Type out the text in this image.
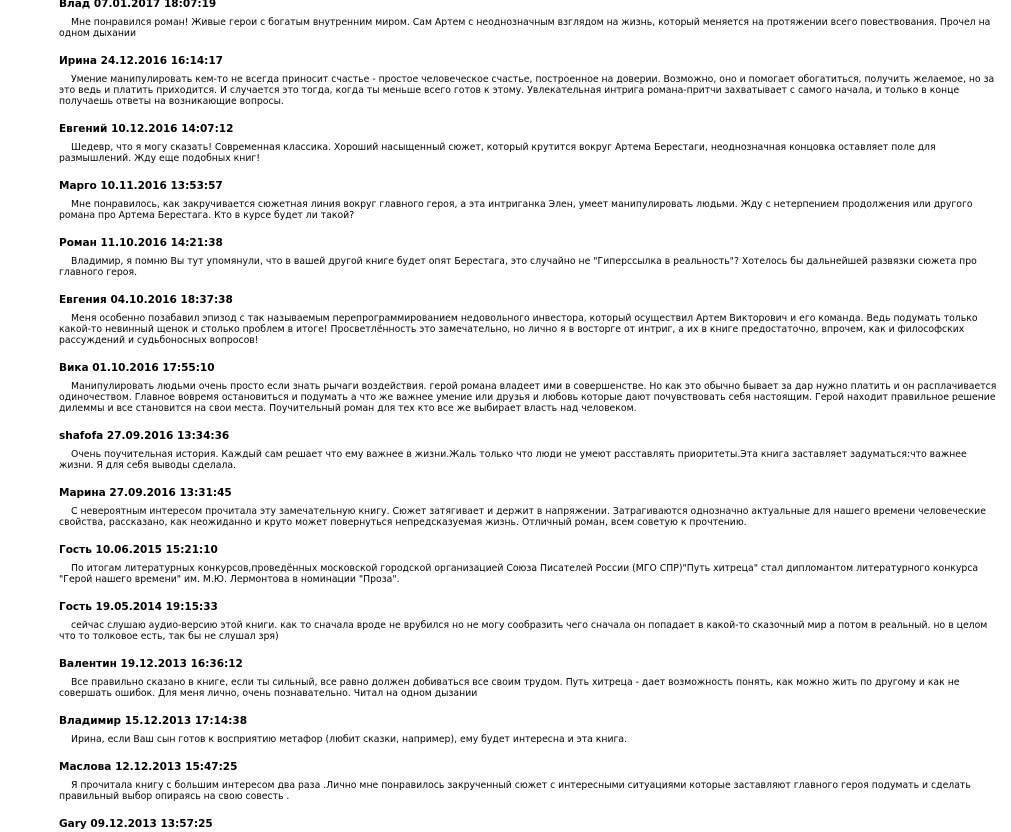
Влад 07.01.2017 18:07:19
Мне понравился роман! Живые герои с богатым внутренним миром. Сам Артем с неоднозначным взглядом на жизнь, который меняется на протяжении всего повествования. Прочел на одном дыхании
Ирина 24.12.2016 16:14:17
Умение манипулировать кем-то не всегда приносит счастье - простое человеческое счастье, построенное на доверии. Возможно, оно и помогает обогатиться, получить желаемое, но за это ведь и платить приходится. И случается это тогда, когда ты меньше всего готов к этому. Увлекательная интрига романа-притчи захватывает с самого начала, и только в конце получаешь ответы на возникающие вопросы.
Евгений 10.12.2016 14:07:12
Шедевр, что я могу сказать! Современная классика. Хороший насыщенный сюжет, который крутится вокруг Артема Берестаги, неоднозначная концовка оставляет поле для размышлений. Жду еще подобных книг!
Марго 10.11.2016 13:53:57
Мне понравилось, как закручивается сюжетная линия вокруг главного героя, а эта интриганка Элен, умеет манипулировать людьми. Жду с нетерпением продолжения или другого романа про Артема Берестага. Кто в курсе будет ли такой?
Роман 11.10.2016 14:21:38
Владимир, я помню Вы тут упомянули, что в вашей другой книге будет опят Берестага, это случайно не "Гиперссылка в реальность"? Хотелось бы дальнейшей развязки сюжета про главного героя.
Евгения 04.10.2016 18:37:38
Меня особенно позабавил эпизод с так называемым перепрограммированием недовольного инвестора, который осуществил Артем Викторович и его команда. Ведь подумать только какой-то невинный щенок и столько проблем в итоге! Просветлённость это замечательно, но лично я в восторге от интриг, а их в книге предостаточно, впрочем, как и философских рассуждений и судьбоносных вопросов!
Вика 01.10.2016 17:55:10
Манипулировать людьми очень просто если знать рычаги воздействия. герой романа владеет ими в совершенстве. Но как это обычно бывает за дар нужно платить и он расплачивается одиночеством. Главное вовремя остановиться и подумать а что же важнее умение или друзья и любовь которые дают почувствовать себя настоящим. Герой находит правильное решение дилеммы и все становится на свои места. Поучительный роман для тех кто все же выбирает власть над человеком.
shafofa 27.09.2016 13:34:36
Очень поучительная история. Каждый сам решает что ему важнее в жизни.Жаль только что люди не умеют расставлять приоритеты.Эта книга заставляет задуматься:что важнее жизни. Я для себя выводы сделала.
Марина 27.09.2016 13:31:45
С невероятным интересом прочитала эту замечательную книгу. Сюжет затягивает и держит в напряжении. Затрагиваются однозначно актуальные для нашего времени человеческие свойства, рассказано, как неожиданно и круто может повернуться непредсказуемая жизнь. Отличный роман, всем советую к прочтению.
Гость 10.06.2015 15:21:10
По итогам литературных конкурсов,проведённых московской городской организацией Союза Писателей России (МГО СПР)"Путь хитреца" стал дипломантом литературного конкурса "Герой нашего времени" им. М.Ю. Лермонтова в номинации "Проза".
Гость 19.05.2014 19:15:33
сейчас слушаю аудио-версию этой книги. как то сначала вроде не врубился но не могу сообразить чего сначала он попадает в какой-то сказочный мир а потом в реальный. но в целом что то толковое есть, так бы не слушал зря)
Валентин 19.12.2013 16:36:12
Все правильно сказано в книге, если ты сильный, все равно должен добиваться все своим трудом. Путь хитреца - дает возможность понять, как можно жить по другому и как не совершать ошибок. Для меня лично, очень познавательно. Читал на одном дызании
Владимир 15.12.2013 17:14:38
Ирина, если Ваш сын готов к восприятию метафор (любит сказки, например), ему будет интересна и эта книга.
Маслова 12.12.2013 15:47:25
Я прочитала книгу с большим интересом два раза .Лично мне понравилось закрученный сюжет с интересными ситуациями которые заставляют главного героя подумать и сделать правильный выбор опираясь на свою совесть .
Gary 09.12.2013 13:57:25
